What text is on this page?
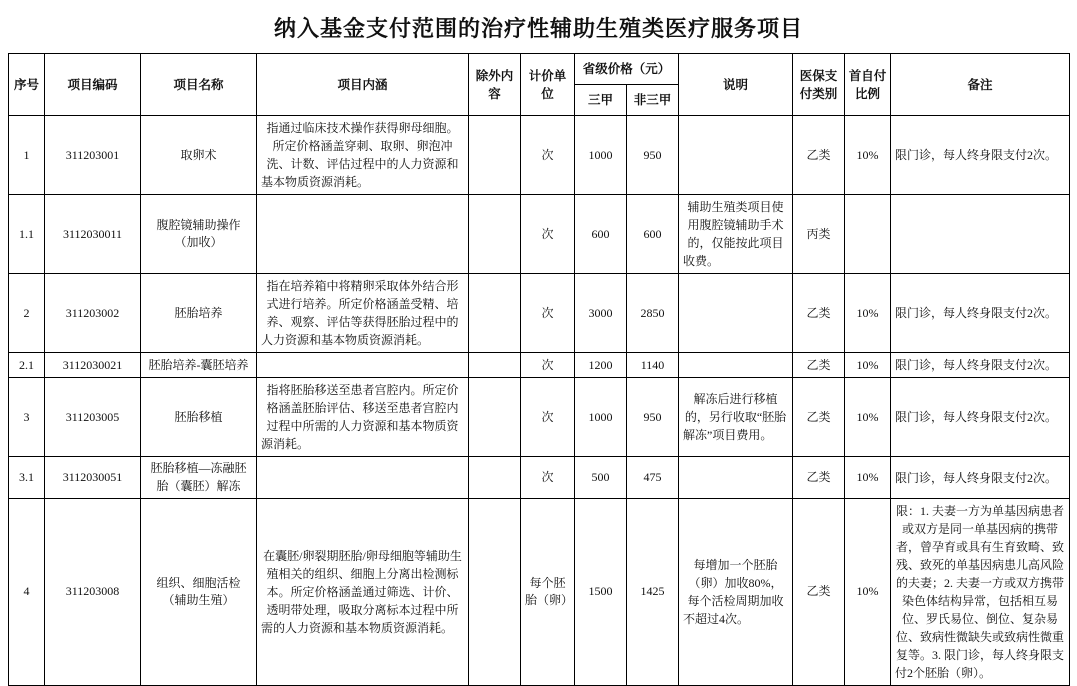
纳入基金支付范围的治疗性辅助生殖类医疗服务项目
序号	项目编码	项目名称	项目内涵	除外内容	计价单位	省级价格（元）		说明	医保支付类别	首自付比例	备注
						三甲	非三甲				
1	311203001	取卵术	指通过临床技术操作获得卵母细胞。所定价格涵盖穿刺、取卵、卵泡冲洗、计数、评估过程中的人力资源和基本物质资源消耗。		次	1000	950		乙类	10%	限门诊，每人终身限支付2次。
1.1	3112030011	腹腔镜辅助操作（加收）			次	600	600	辅助生殖类项目使用腹腔镜辅助手术的，仅能按此项目收费。	丙类		
2	311203002	胚胎培养	指在培养箱中将精卵采取体外结合形式进行培养。所定价格涵盖受精、培养、观察、评估等获得胚胎过程中的人力资源和基本物质资源消耗。		次	3000	2850		乙类	10%	限门诊，每人终身限支付2次。
2.1	3112030021	胚胎培养-囊胚培养			次	1200	1140		乙类	10%	限门诊，每人终身限支付2次。
3	311203005	胚胎移植	指将胚胎移送至患者宫腔内。所定价格涵盖胚胎评估、移送至患者宫腔内过程中所需的人力资源和基本物质资源消耗。		次	1000	950	解冻后进行移植的，另行收取“胚胎解冻”项目费用。	乙类	10%	限门诊，每人终身限支付2次。
3.1	3112030051	胚胎移植—冻融胚胎（囊胚）解冻			次	500	475		乙类	10%	限门诊，每人终身限支付2次。
4	311203008	组织、细胞活检（辅助生殖）	在囊胚/卵裂期胚胎/卵母细胞等辅助生殖相关的组织、细胞上分离出检测标本。所定价格涵盖通过筛选、计价、透明带处理，吸取分离标本过程中所需的人力资源和基本物质资源消耗。		每个胚胎（卵）	1500	1425	每增加一个胚胎（卵）加收80%，每个活检周期加收不超过4次。	乙类	10%	限：1. 夫妻一方为单基因病患者或双方是同一单基因病的携带者，曾孕育或具有生育致畸、致残、致死的单基因病患儿高风险的夫妻；2. 夫妻一方或双方携带染色体结构异常，包括相互易位、罗氏易位、倒位、复杂易位、致病性微缺失或致病性微重复等。3. 限门诊，每人终身限支付2个胚胎（卵）。
